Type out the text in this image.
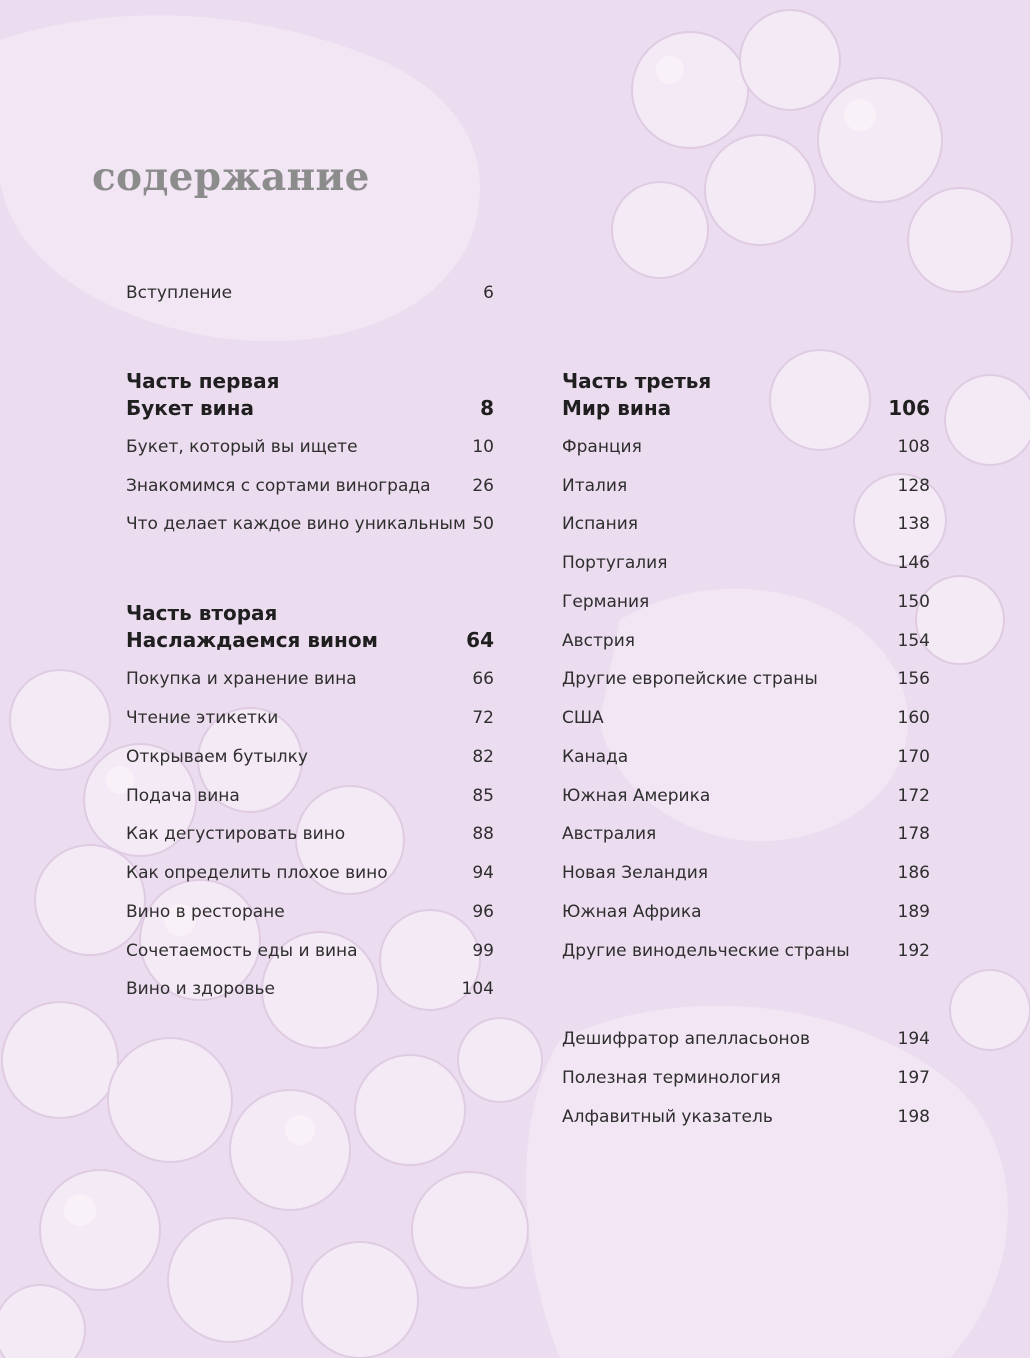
содержание
Вступление	6
Часть первая
Букет вина	8
Букет, который вы ищете	10
Знакомимся с сортами винограда 26
Что делает каждое вино уникальным 50
Часть вторая
Наслаждаемся вином	64
Покупка и хранение вина	66
Чтение этикетки	72
Открываем бутылку	82
Подача вина	85
Как дегустировать вино	88
Как определить плохое вино	94
Вино в ресторане	96
Сочетаемость еды и вина	99
Вино и здоровье	104
Часть третья
Мир вина	106
Франция	108
Италия	128
Испания	138
Португалия	146
Германия	150
Австрия	154
Другие европейские страны	156
США	160
Канада	170
Южная Америка	172
Австралия	178
Новая Зеландия	186
Южная Африка	189
Другие винодельческие страны	192
Дешифратор апелласьонов	194
Полезная терминология	197
Алфавитный указатель	198
